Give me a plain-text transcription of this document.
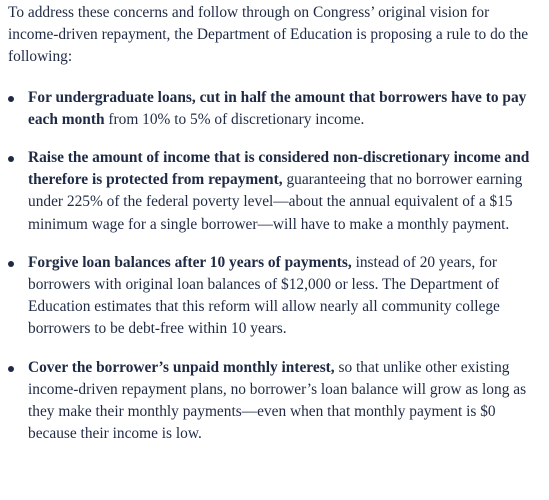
To address these concerns and follow through on Congress’ original vision for income-driven repayment, the Department of Education is proposing a rule to do the following:

For undergraduate loans, cut in half the amount that borrowers have to pay each month from 10% to 5% of discretionary income.
Raise the amount of income that is considered non-discretionary income and therefore is protected from repayment, guaranteeing that no borrower earning under 225% of the federal poverty level—about the annual equivalent of a $15 minimum wage for a single borrower—will have to make a monthly payment.
Forgive loan balances after 10 years of payments, instead of 20 years, for borrowers with original loan balances of $12,000 or less. The Department of Education estimates that this reform will allow nearly all community college borrowers to be debt-free within 10 years.
Cover the borrower’s unpaid monthly interest, so that unlike other existing income-driven repayment plans, no borrower’s loan balance will grow as long as they make their monthly payments—even when that monthly payment is $0 because their income is low.
